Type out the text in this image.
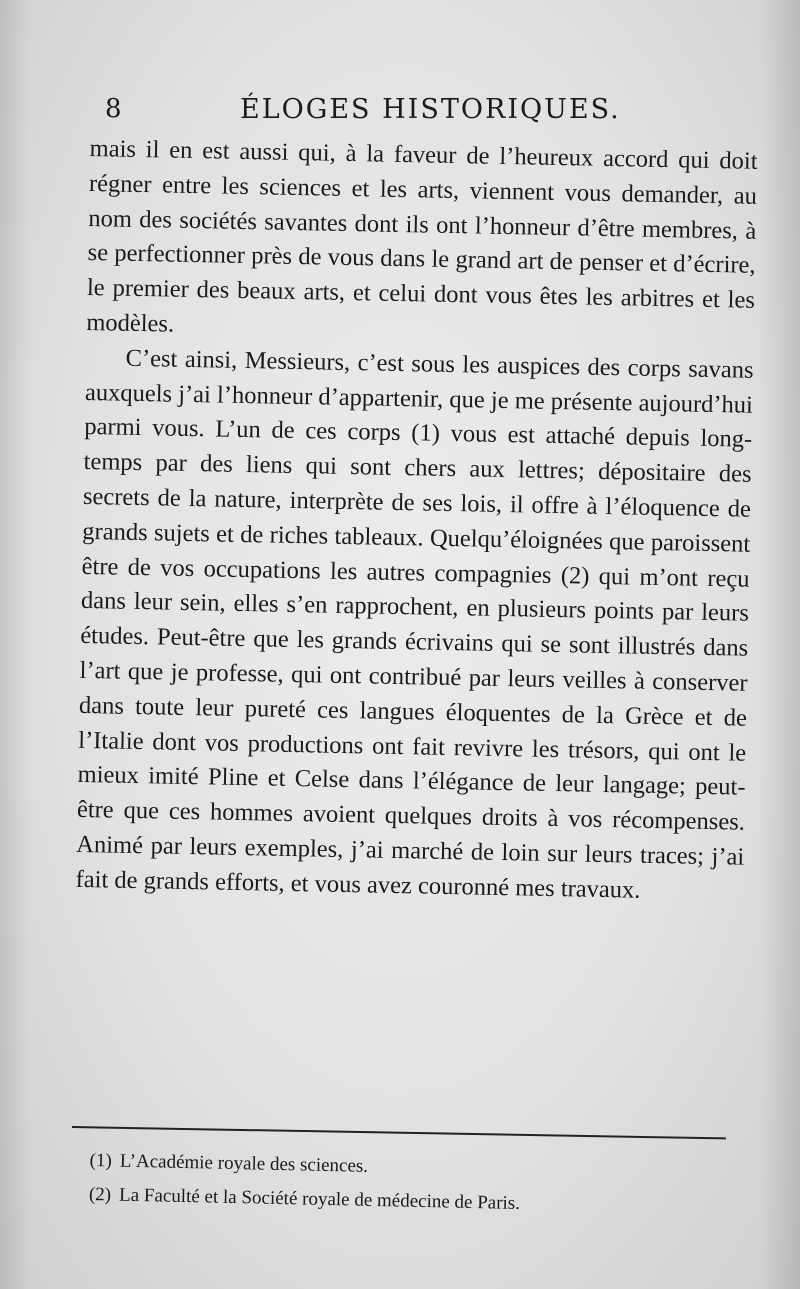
8	ÉLOGES HISTORIQUES.

mais il en est aussi qui, à la faveur de l’heureux accord qui doit régner entre les sciences et les arts, viennent vous demander, au nom des sociétés savantes dont ils ont l’honneur d’être membres, à se perfectionner près de vous dans le grand art de penser et d’écrire, le premier des beaux arts, et celui dont vous êtes les arbitres et les modèles.

C’est ainsi, Messieurs, c’est sous les auspices des corps savans auxquels j’ai l’honneur d’appartenir, que je me présente aujourd’hui parmi vous. L’un de ces corps (1) vous est attaché depuis long-temps par des liens qui sont chers aux lettres; dépositaire des secrets de la nature, interprète de ses lois, il offre à l’éloquence de grands sujets et de riches tableaux. Quelqu’éloignées que paroissent être de vos occupations les autres compagnies (2) qui m’ont reçu dans leur sein, elles s’en rapprochent, en plusieurs points par leurs études. Peut-être que les grands écrivains qui se sont illustrés dans l’art que je professe, qui ont contribué par leurs veilles à conserver dans toute leur pureté ces langues éloquentes de la Grèce et de l’Italie dont vos productions ont fait revivre les trésors, qui ont le mieux imité Pline et Celse dans l’élégance de leur langage; peut-être que ces hommes avoient quelques droits à vos récompenses. Animé par leurs exemples, j’ai marché de loin sur leurs traces; j’ai fait de grands efforts, et vous avez couronné mes travaux.

(1) L’Académie royale des sciences.
(2) La Faculté et la Société royale de médecine de Paris.
